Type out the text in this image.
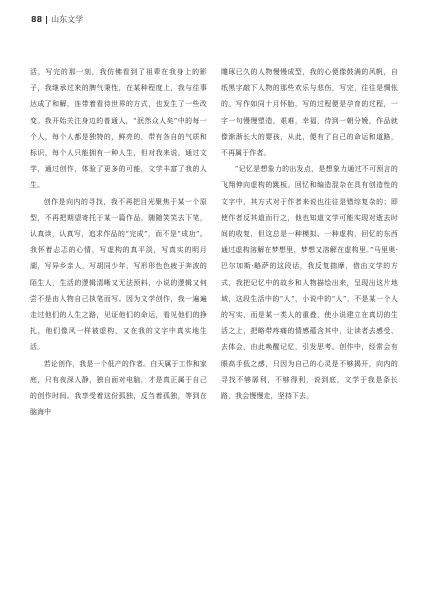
88 山东文学

活，写完的那一刻，我仿佛看到了祖辈在我身上的影子，我继承过来的脾气秉性，在某种程度上，我与往事达成了和解，连带着看待世界的方式，也发生了一些改变。我开始关注身边的普通人，“泯然众人矣”中的每一个人，每个人都是独特的，鲜亮的，带有各自的气质和标识，每个人只能拥有一种人生，但对我来说，通过文学，通过创作，体验了更多的可能，文学丰富了我的人生。

创作是向内的寻找，我不再把目光聚焦于某一个原型，不再把期望寄托于某一篇作品，随随笑笑去下笔，认真读，认真写，追求作品的“完成”，而不是“成功”。我怀着忐忑的心情，写虚构的真平淡，写真实的明月湖，写异乡亲人，写胡同少年，写形形色色疲于奔波的陌生人，生活的逻辑清晰又无法预料，小说的逻辑又何尝不是由人物自己执笔而写。因为文学创作，我一遍遍走过他们的人生之路，见证他们的命运，看见他们的挣扎，他们像风一样被虚构，又在我的文字中真实地生活。

若论创作，我是一个低产的作者。白天属于工作和家庭，只有夜深人静，独自面对电脑，才是真正属于自己的创作时间。我享受着这份孤独，反刍着孤独，等到在脑海中

雕琢已久的人物慢慢成型，我的心便像鼓满的风帆，自纸黑字敲下人物的那些欢乐与悲伤，写完，往往是惆怅的。写作如同十月怀胎，写的过程便是孕育的过程，一字一句慢慢塑造，艰难，幸福，待到一朝分娩，作品就像渐渐长大的婴孩，从此，便有了自己的命运和道路，不再属于作者。

“记忆是想象力的出发点，是想象力通过不可预言的飞翔伸向虚构的跳板。回忆和编造混杂在具有创造性的文字中，其方式对于作者来说也往往是错综复杂的；即使作者反其道而行之，他也知道文学可能实现对逝去时间的收复，但这总是一种模拟、一种虚构，回忆的东西通过虚构溶解在梦想里，梦想又溶解在虚构里。”马里奥·巴尔加斯·略萨的这段话，我反复揣摩，借由文学的方式，我把记忆中的故乡和人物描绘出来，呈现出这片地域，这段生活中的“人”，小说中的“人”，不是某一个人的写实，而是某一类人的重叠，使小说建立在真切的生活之上，把略带疼痛的情感蕴含其中，让读者去感受、去体会，由此唤醒记忆，引发思考。创作中，经常会有眼高手低之感，只因为自己的心灵是不够揭开，向内的寻找不够孱利，不够得利，说到底，文学于我是条长路，我会慢慢走，坚持下去。
